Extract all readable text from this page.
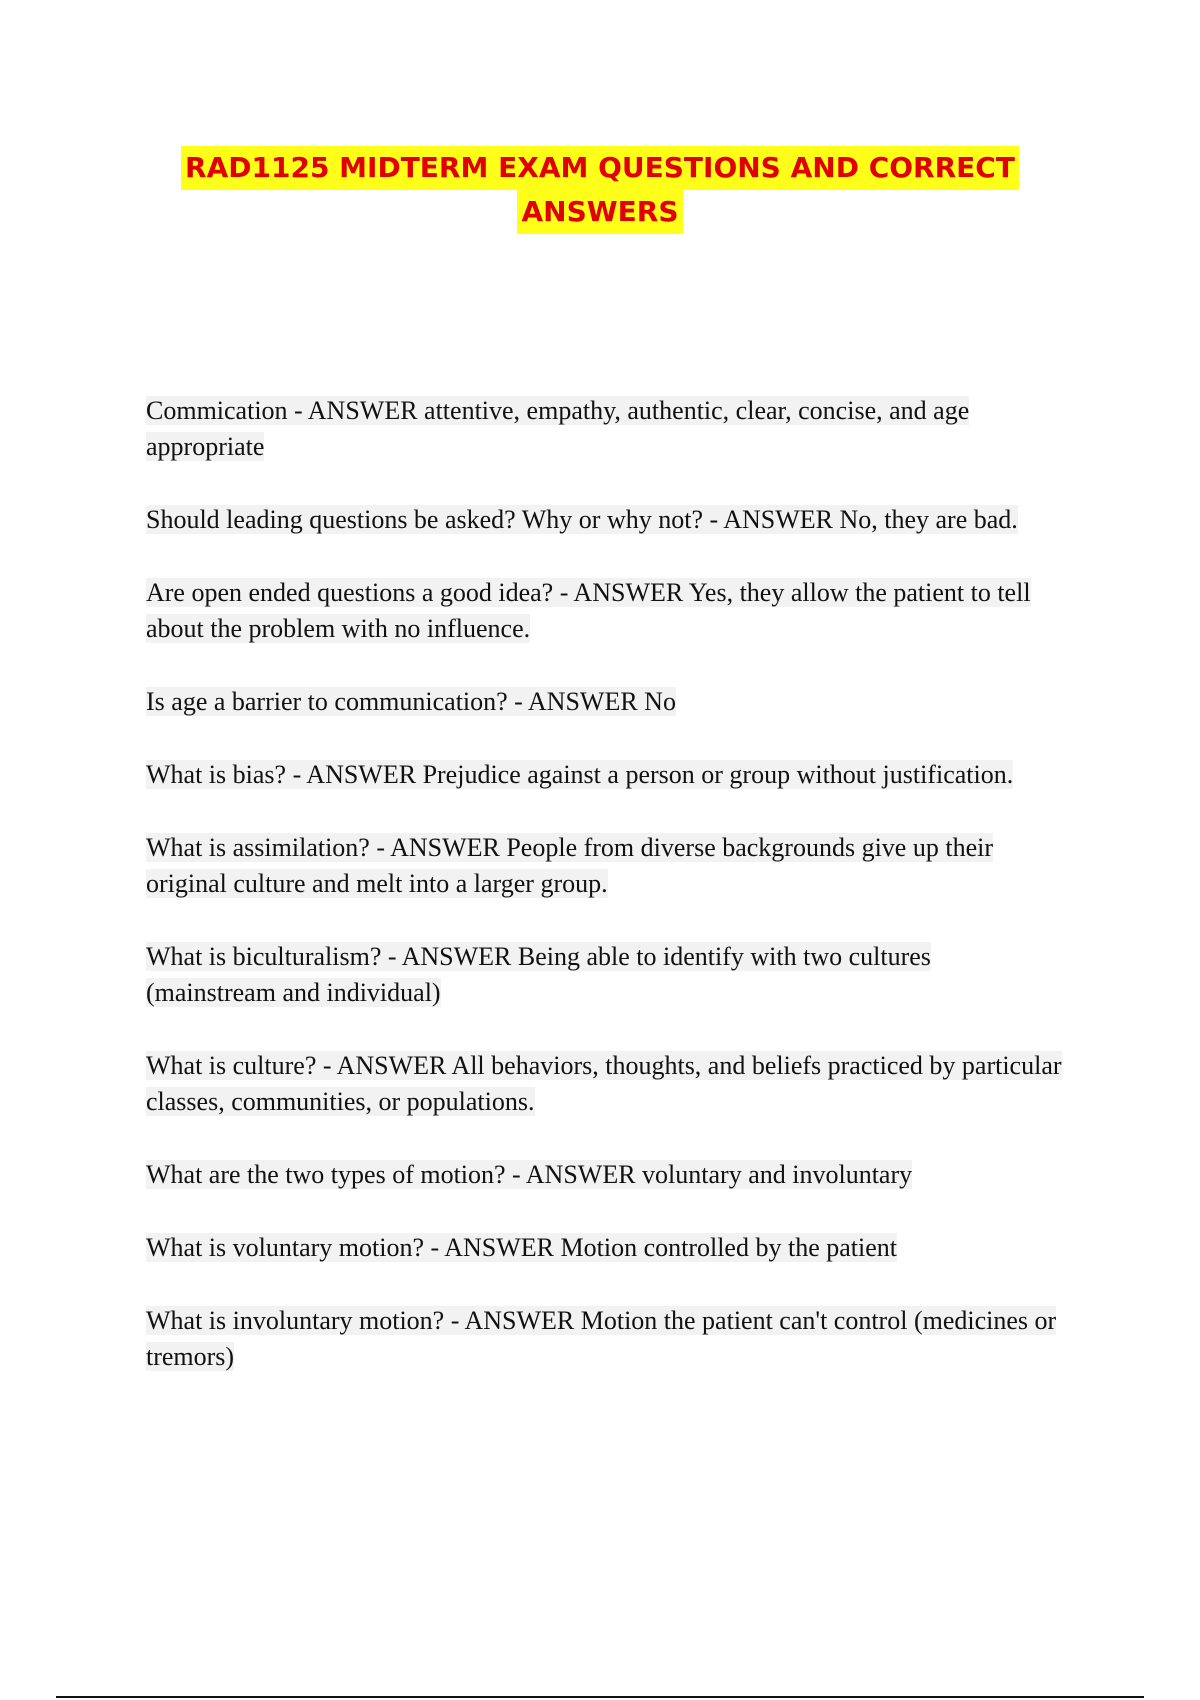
RAD1125 MIDTERM EXAM QUESTIONS AND CORRECT
ANSWERS
Commication - ANSWER attentive, empathy, authentic, clear, concise, and age appropriate
Should leading questions be asked? Why or why not? - ANSWER No, they are bad.
Are open ended questions a good idea? - ANSWER Yes, they allow the patient to tell about the problem with no influence.
Is age a barrier to communication? - ANSWER No
What is bias? - ANSWER Prejudice against a person or group without justification.
What is assimilation? - ANSWER People from diverse backgrounds give up their original culture and melt into a larger group.
What is biculturalism? - ANSWER Being able to identify with two cultures (mainstream and individual)
What is culture? - ANSWER All behaviors, thoughts, and beliefs practiced by particular classes, communities, or populations.
What are the two types of motion? - ANSWER voluntary and involuntary
What is voluntary motion? - ANSWER Motion controlled by the patient
What is involuntary motion? - ANSWER Motion the patient can't control (medicines or tremors)
